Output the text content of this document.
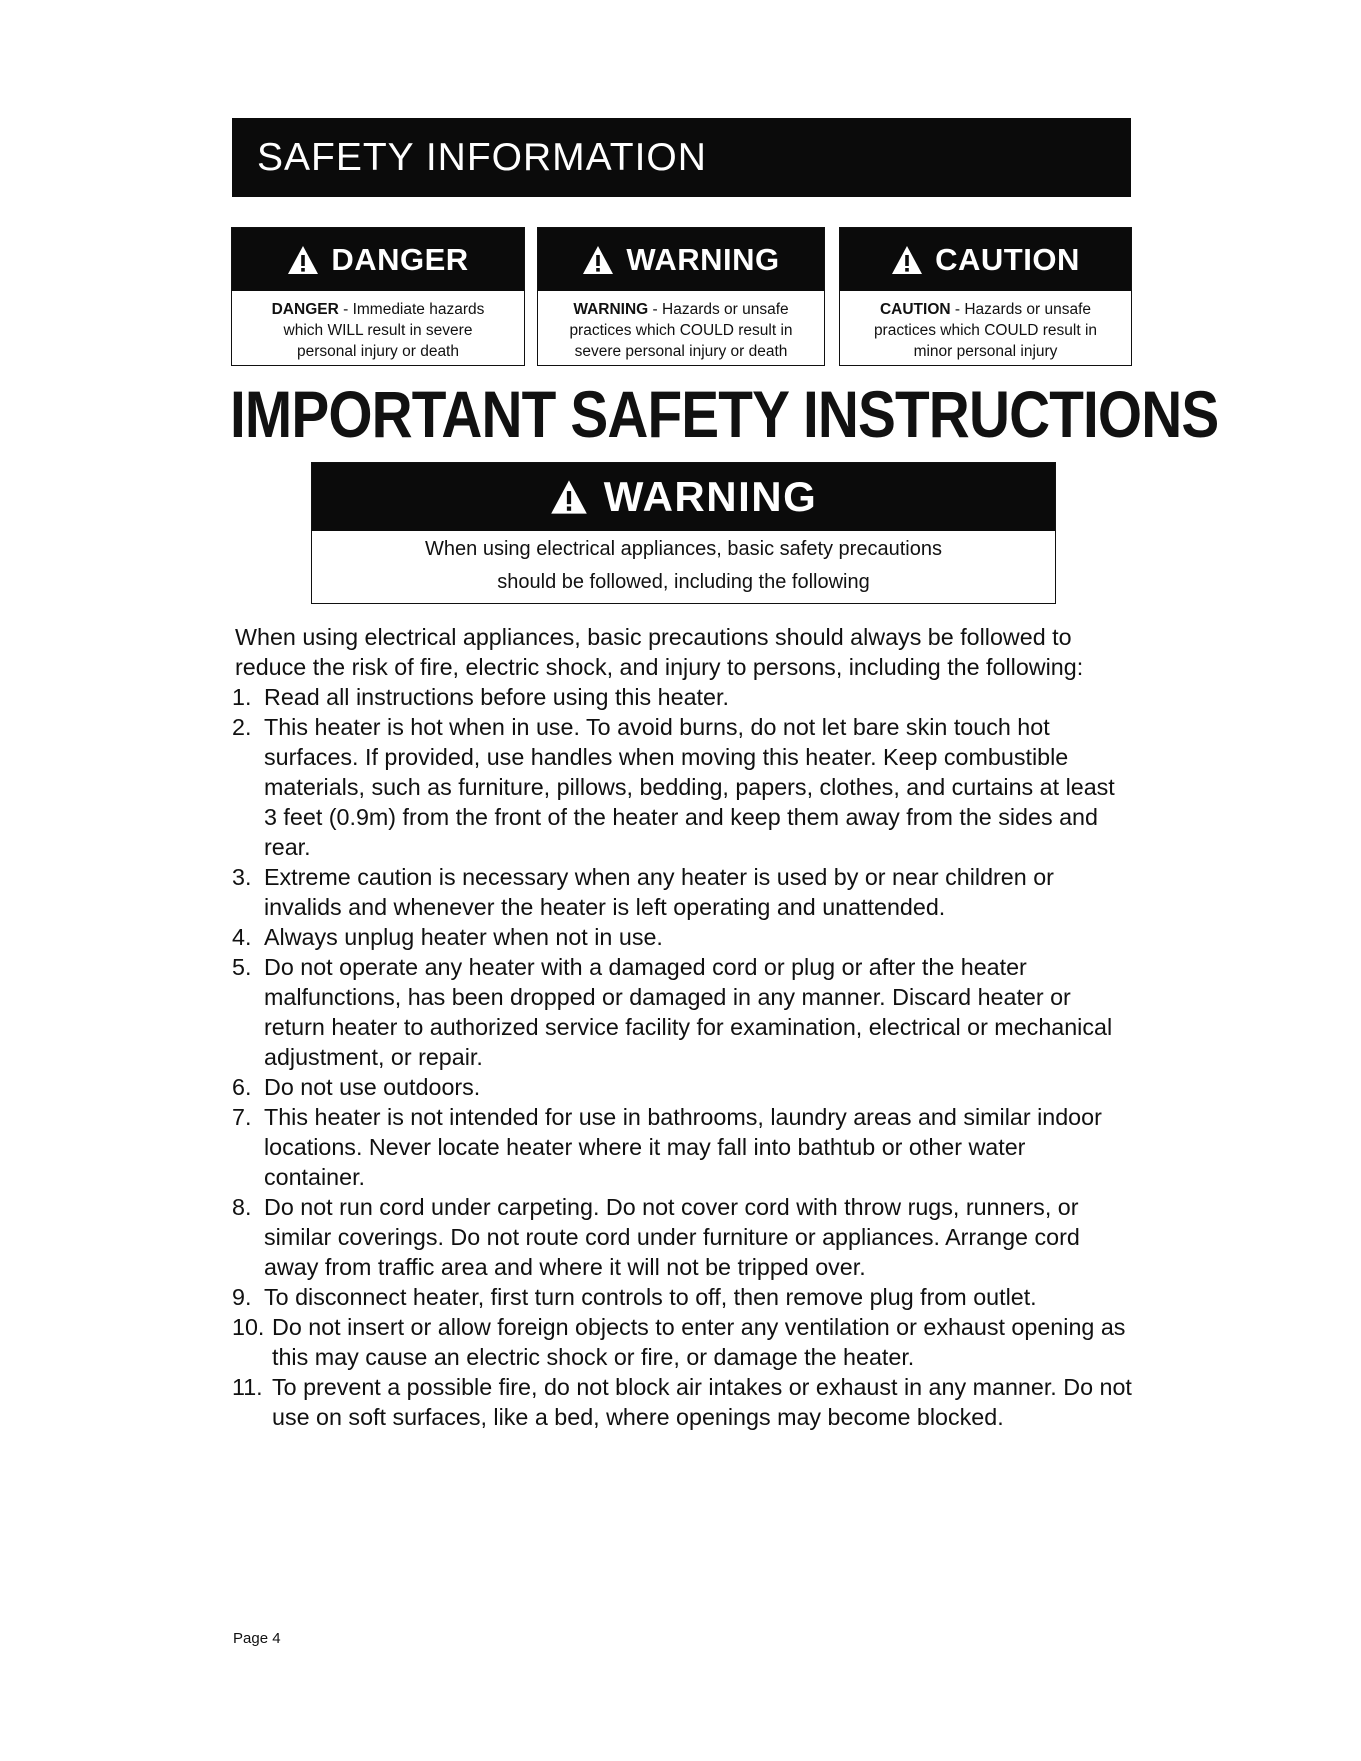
SAFETY INFORMATION
DANGER
DANGER - Immediate hazards
which WILL result in severe
personal injury or death
WARNING
WARNING - Hazards or unsafe
practices which COULD result in
severe personal injury or death
CAUTION
CAUTION - Hazards or unsafe
practices which COULD result in
minor personal injury
IMPORTANT SAFETY INSTRUCTIONS
WARNING
When using electrical appliances, basic safety precautions
should be followed, including the following

When using electrical appliances, basic precautions should always be followed to reduce the risk of fire, electric shock, and injury to persons, including the following:

1. Read all instructions before using this heater.
2. This heater is hot when in use. To avoid burns, do not let bare skin touch hot surfaces. If provided, use handles when moving this heater. Keep combustible materials, such as furniture, pillows, bedding, papers, clothes, and curtains at least 3 feet (0.9m) from the front of the heater and keep them away from the sides and rear.
3. Extreme caution is necessary when any heater is used by or near children or invalids and whenever the heater is left operating and unattended.
4. Always unplug heater when not in use.
5. Do not operate any heater with a damaged cord or plug or after the heater malfunctions, has been dropped or damaged in any manner. Discard heater or return heater to authorized service facility for examination, electrical or mechanical adjustment, or repair.
6. Do not use outdoors.
7. This heater is not intended for use in bathrooms, laundry areas and similar indoor locations. Never locate heater where it may fall into bathtub or other water container.
8. Do not run cord under carpeting. Do not cover cord with throw rugs, runners, or similar coverings. Do not route cord under furniture or appliances. Arrange cord away from traffic area and where it will not be tripped over.
9. To disconnect heater, first turn controls to off, then remove plug from outlet.
10. Do not insert or allow foreign objects to enter any ventilation or exhaust opening as this may cause an electric shock or fire, or damage the heater.
11. To prevent a possible fire, do not block air intakes or exhaust in any manner. Do not use on soft surfaces, like a bed, where openings may become blocked.
Page 4
